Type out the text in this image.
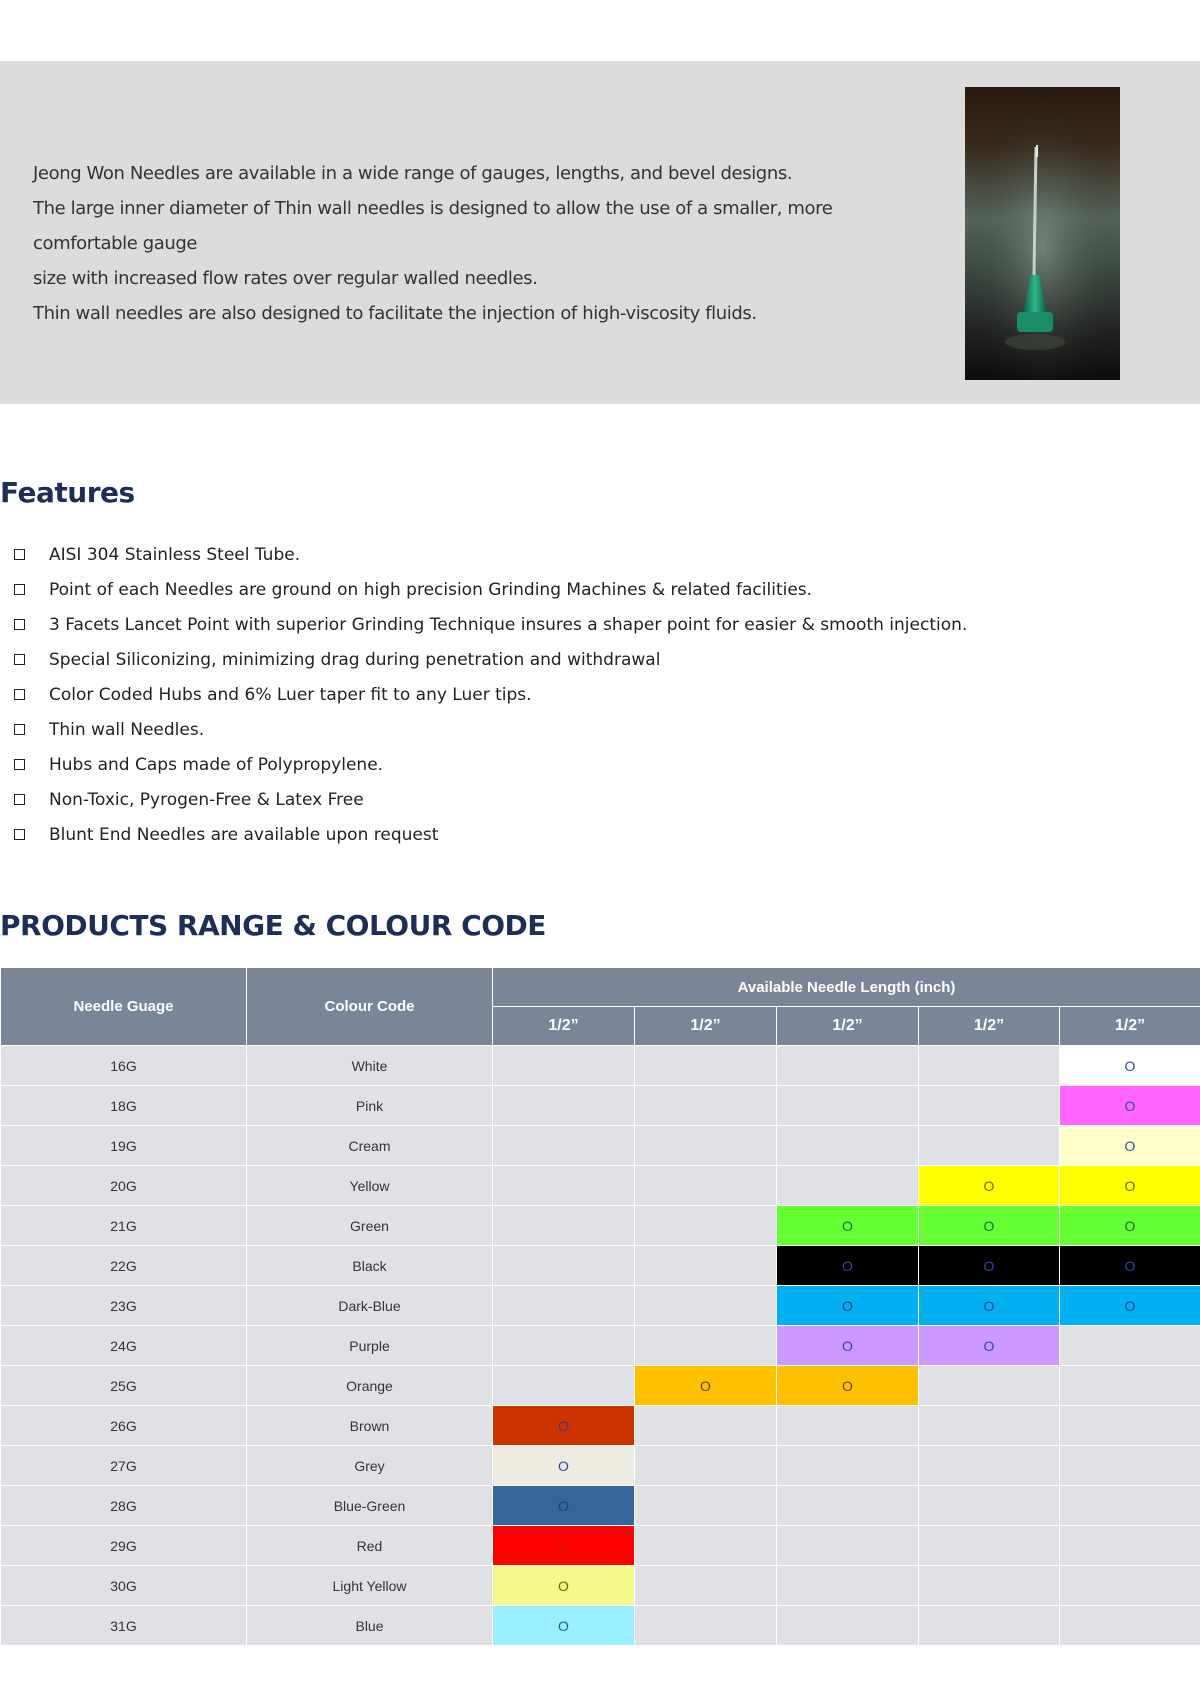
Jeong Won Needles are available in a wide range of gauges, lengths, and bevel designs.

The large inner diameter of Thin wall needles is designed to allow the use of a smaller, more comfortable gauge

size with increased flow rates over regular walled needles.

Thin wall needles are also designed to facilitate the injection of high-viscosity fluids.

Features
AISI 304 Stainless Steel Tube.
Point of each Needles are ground on high precision Grinding Machines & related facilities.
3 Facets Lancet Point with superior Grinding Technique insures a shaper point for easier & smooth injection.
Special Siliconizing, minimizing drag during penetration and withdrawal
Color Coded Hubs and 6% Luer taper fit to any Luer tips.
Thin wall Needles.
Hubs and Caps made of Polypropylene.
Non-Toxic, Pyrogen-Free & Latex Free
Blunt End Needles are available upon request
PRODUCTS RANGE & COLOUR CODE
Needle Guage	Colour Code	Available Needle Length (inch)				
		1/2”	1/2”	1/2”	1/2”	1/2”
16G	White					O
18G	Pink					O
19G	Cream					O
20G	Yellow				O	O
21G	Green			O	O	O
22G	Black			O	O	O
23G	Dark-Blue			O	O	O
24G	Purple			O	O	
25G	Orange		O	O		
26G	Brown	O				
27G	Grey	O				
28G	Blue-Green	O				
29G	Red	O				
30G	Light Yellow	O				
31G	Blue	O				
